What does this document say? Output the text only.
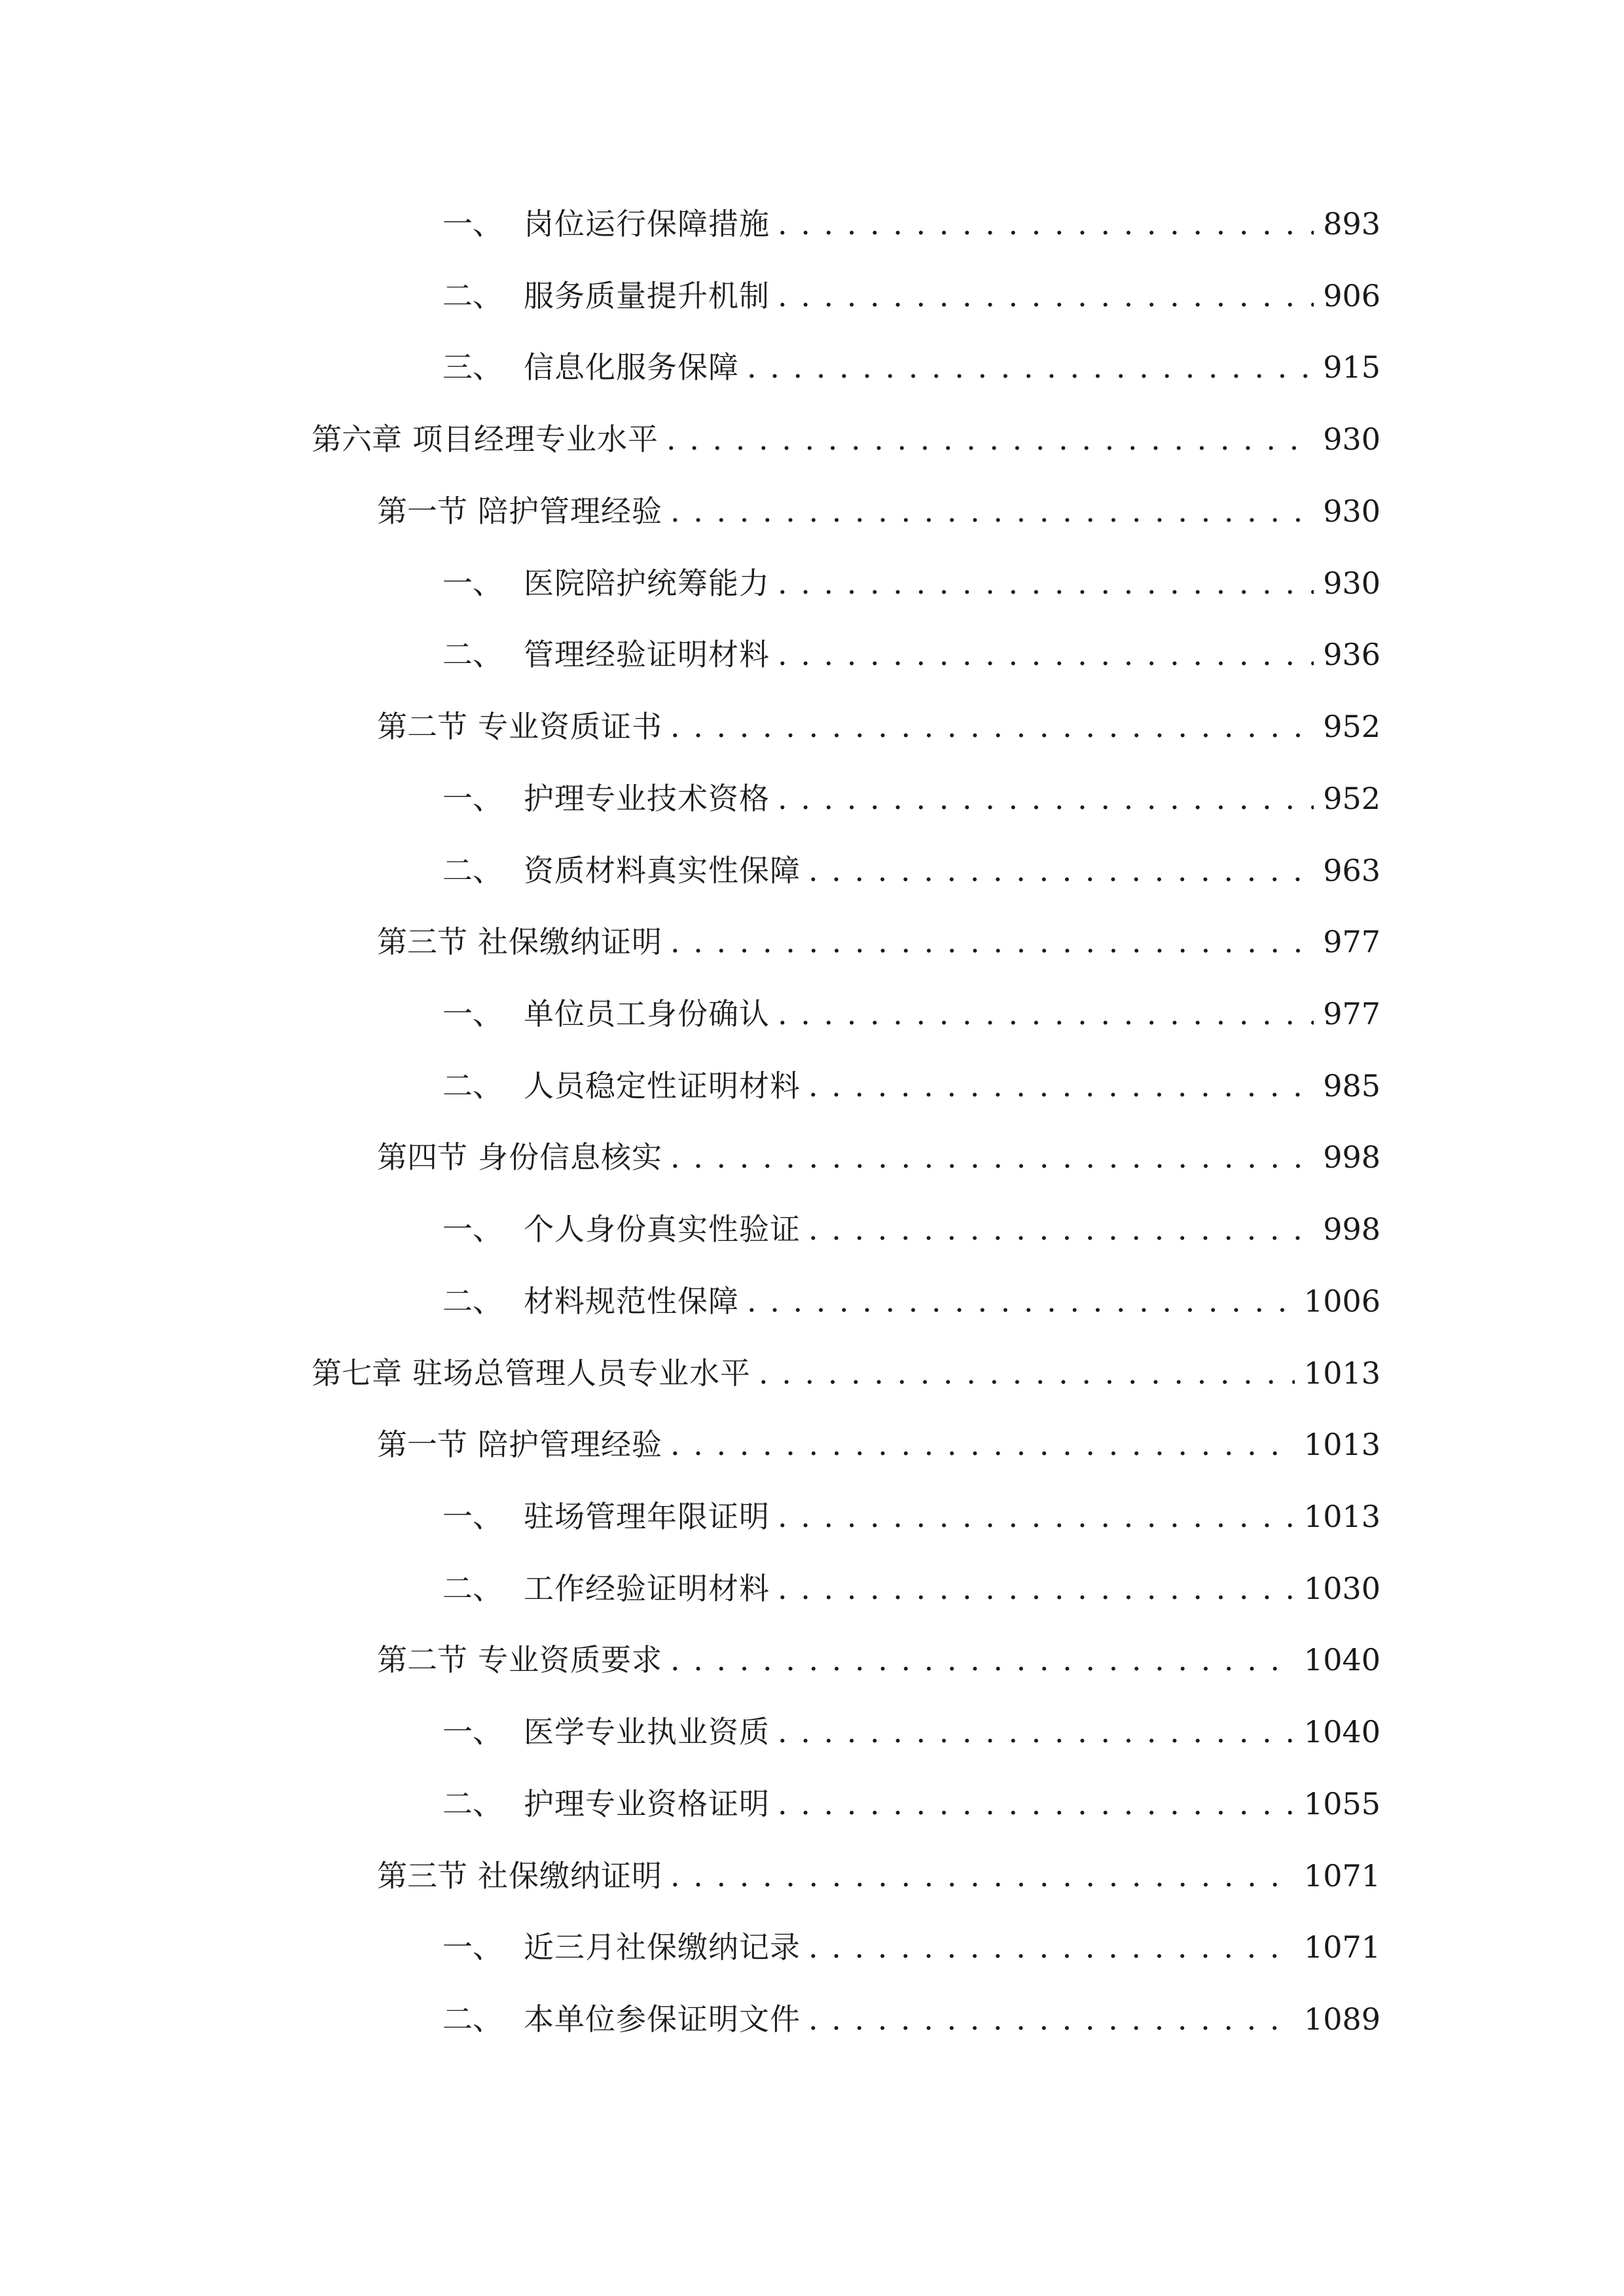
一、 岗位运行保障措施 . . .	893
二、 服务质量提升机制 . . .	906
三、 信息化服务保障 . . .	915
第六章 项目经理专业水平 . . .	930
第一节 陪护管理经验 . . .	930
一、 医院陪护统筹能力 . . .	930
二、 管理经验证明材料 . . .	936
第二节 专业资质证书 . . .	952
一、 护理专业技术资格 . . .	952
二、 资质材料真实性保障 . . .	963
第三节 社保缴纳证明 . . .	977
一、 单位员工身份确认 . . .	977
二、 人员稳定性证明材料 . . .	985
第四节 身份信息核实 . . .	998
一、 个人身份真实性验证 . . .	998
二、 材料规范性保障 . . .	1006
第七章 驻场总管理人员专业水平 . . .	1013
第一节 陪护管理经验 . . .	1013
一、 驻场管理年限证明 . . .	1013
二、 工作经验证明材料 . . .	1030
第二节 专业资质要求 . . .	1040
一、 医学专业执业资质 . . .	1040
二、 护理专业资格证明 . . .	1055
第三节 社保缴纳证明 . . .	1071
一、 近三月社保缴纳记录 . . .	1071
二、 本单位参保证明文件 . . .	1089
